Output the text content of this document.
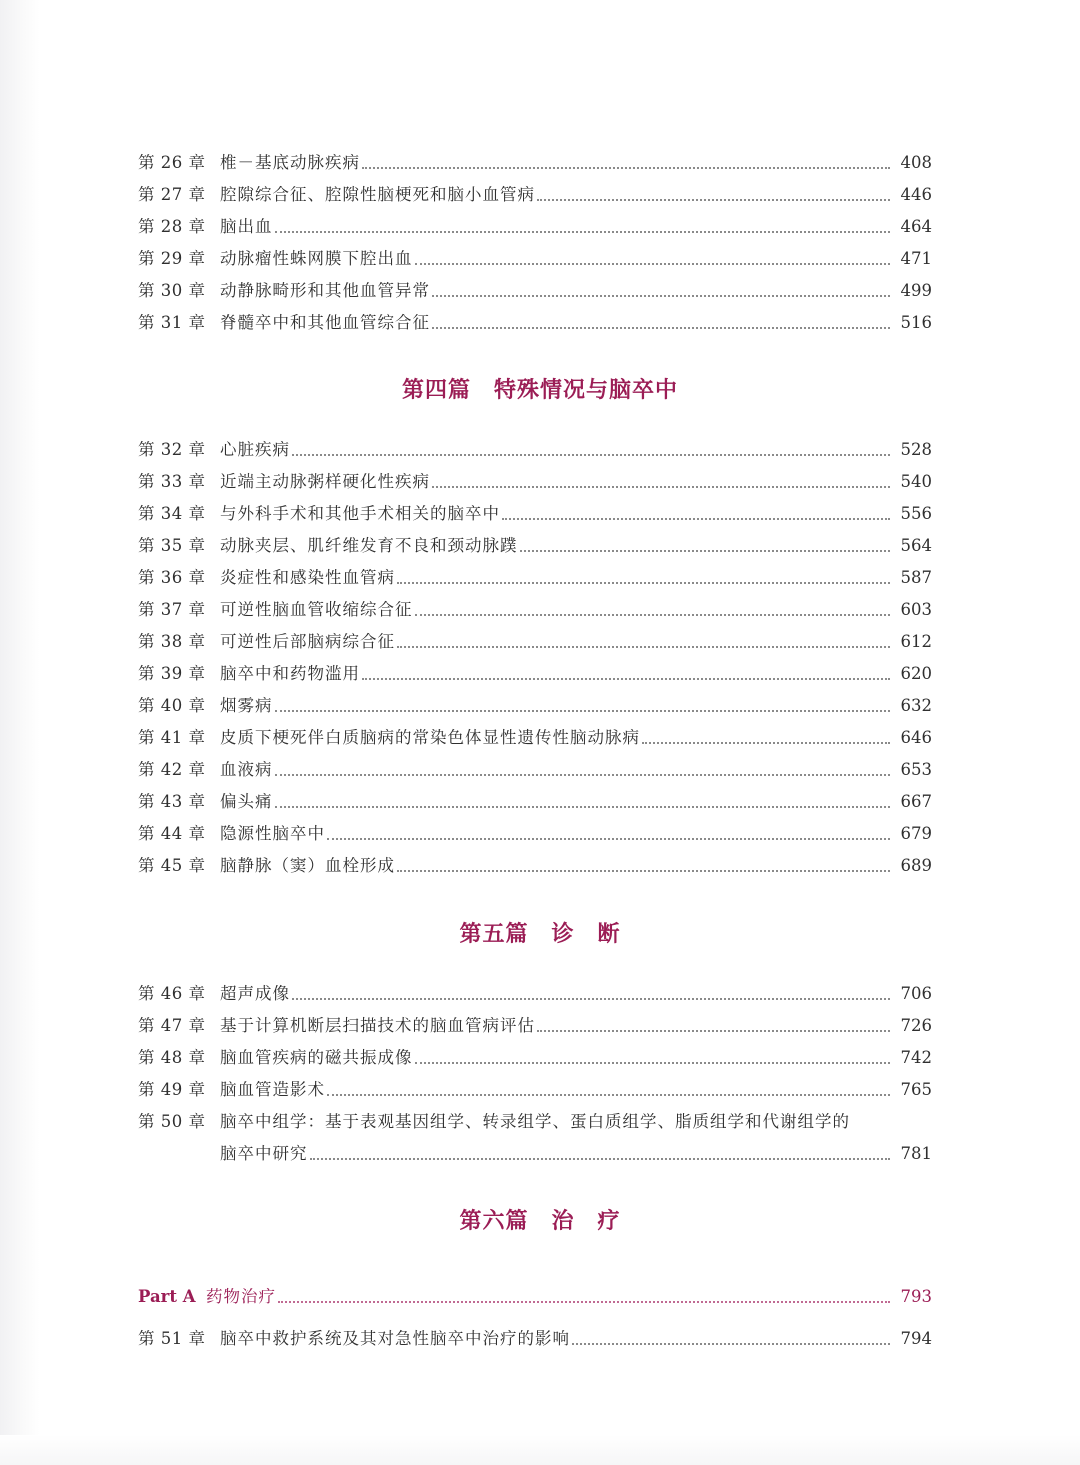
第 26 章 椎－基底动脉疾病	408
第 27 章 腔隙综合征、腔隙性脑梗死和脑小血管病	446
第 28 章 脑出血	464
第 29 章 动脉瘤性蛛网膜下腔出血	471
第 30 章 动静脉畸形和其他血管异常	499
第 31 章 脊髓卒中和其他血管综合征	516
第四篇　特殊情况与脑卒中
第 32 章 心脏疾病	528
第 33 章 近端主动脉粥样硬化性疾病	540
第 34 章 与外科手术和其他手术相关的脑卒中	556
第 35 章 动脉夹层、肌纤维发育不良和颈动脉蹼	564
第 36 章 炎症性和感染性血管病	587
第 37 章 可逆性脑血管收缩综合征	603
第 38 章 可逆性后部脑病综合征	612
第 39 章 脑卒中和药物滥用	620
第 40 章 烟雾病	632
第 41 章 皮质下梗死伴白质脑病的常染色体显性遗传性脑动脉病	646
第 42 章 血液病	653
第 43 章 偏头痛	667
第 44 章 隐源性脑卒中	679
第 45 章 脑静脉（窦）血栓形成	689
第五篇　诊　断
第 46 章 超声成像	706
第 47 章 基于计算机断层扫描技术的脑血管病评估	726
第 48 章 脑血管疾病的磁共振成像	742
第 49 章 脑血管造影术	765
第 50 章 脑卒中组学：基于表观基因组学、转录组学、蛋白质组学、脂质组学和代谢组学的
脑卒中研究	781
第六篇　治　疗
Part A 药物治疗	793
第 51 章 脑卒中救护系统及其对急性脑卒中治疗的影响	794
